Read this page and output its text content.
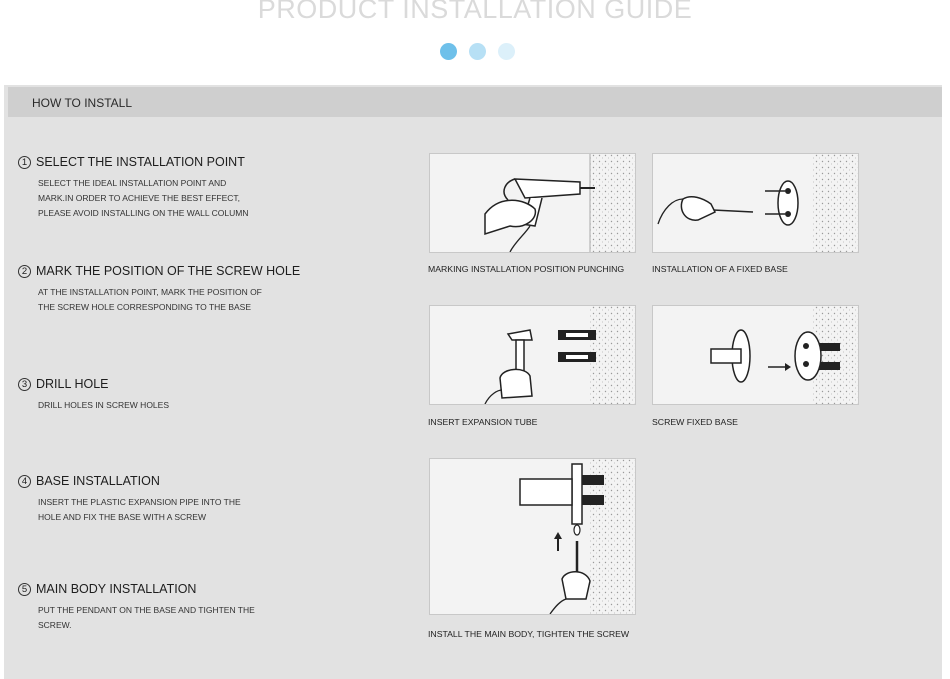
PRODUCT INSTALLATION GUIDE
HOW TO INSTALL
1 SELECT THE INSTALLATION POINT
SELECT THE IDEAL INSTALLATION POINT AND MARK.IN ORDER TO ACHIEVE THE BEST EFFECT, PLEASE AVOID INSTALLING ON THE WALL COLUMN
2 MARK THE POSITION OF THE SCREW HOLE
AT THE INSTALLATION POINT, MARK THE POSITION OF THE SCREW HOLE CORRESPONDING TO THE BASE
3 DRILL HOLE
DRILL HOLES IN SCREW HOLES
4 BASE INSTALLATION
INSERT THE PLASTIC EXPANSION PIPE INTO THE HOLE AND FIX THE BASE WITH A SCREW
5 MAIN BODY INSTALLATION
PUT THE PENDANT ON THE BASE AND TIGHTEN THE SCREW.
MARKING INSTALLATION POSITION PUNCHING	INSTALLATION OF A FIXED BASE
INSERT EXPANSION TUBE	SCREW FIXED BASE
INSTALL THE MAIN BODY, TIGHTEN THE SCREW
